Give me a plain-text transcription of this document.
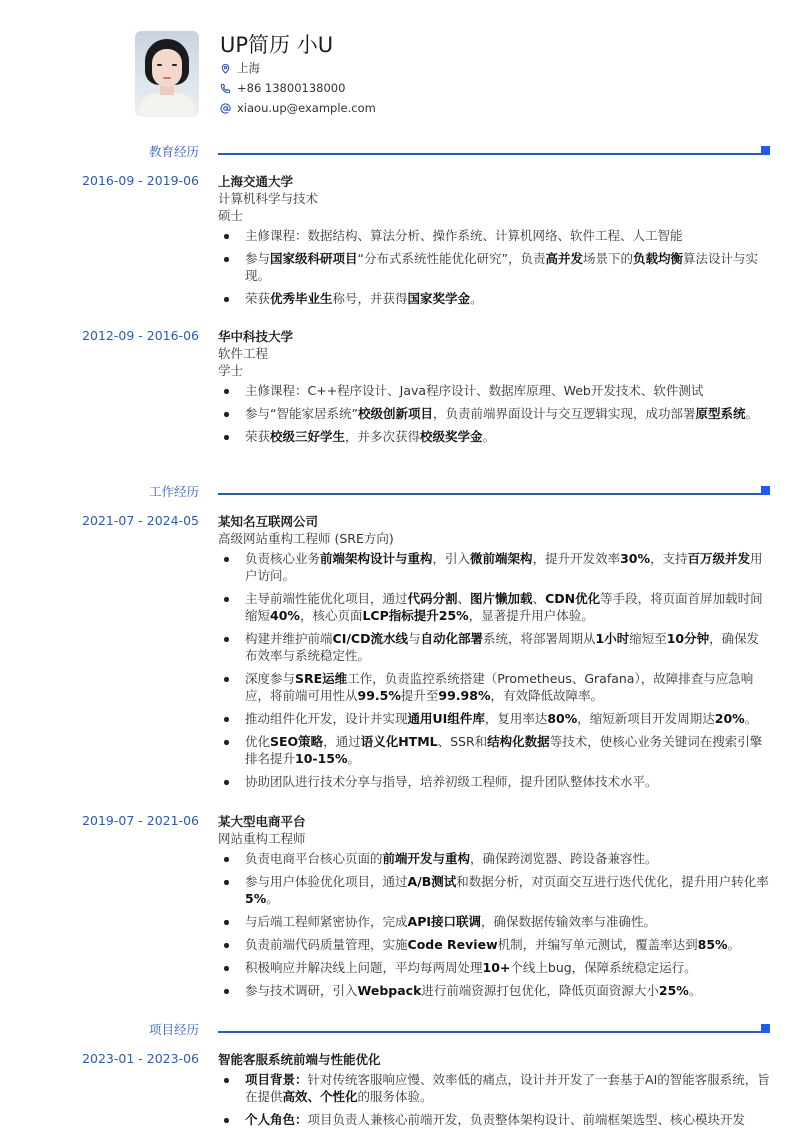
UP简历 小U
上海
+86 13800138000
xiaou.up@example.com
教育经历
2016-09 - 2019-06 上海交通大学
计算机科学与技术
硕士
主修课程：数据结构、算法分析、操作系统、计算机网络、软件工程、人工智能
参与国家级科研项目“分布式系统性能优化研究”，负责高并发场景下的负载均衡算法设计与实现。
荣获优秀毕业生称号，并获得国家奖学金。
2012-09 - 2016-06 华中科技大学
软件工程
学士
主修课程：C++程序设计、Java程序设计、数据库原理、Web开发技术、软件测试
参与“智能家居系统”校级创新项目，负责前端界面设计与交互逻辑实现，成功部署原型系统。
荣获校级三好学生，并多次获得校级奖学金。
工作经历
2021-07 - 2024-05 某知名互联网公司
高级网站重构工程师 (SRE方向)
负责核心业务前端架构设计与重构，引入微前端架构，提升开发效率30%，支持百万级并发用户访问。
主导前端性能优化项目，通过代码分割、图片懒加载、CDN优化等手段，将页面首屏加载时间缩短40%，核心页面LCP指标提升25%，显著提升用户体验。
构建并维护前端CI/CD流水线与自动化部署系统，将部署周期从1小时缩短至10分钟，确保发布效率与系统稳定性。
深度参与SRE运维工作，负责监控系统搭建（Prometheus、Grafana），故障排查与应急响应，将前端可用性从99.5%提升至99.98%，有效降低故障率。
推动组件化开发，设计并实现通用UI组件库，复用率达80%，缩短新项目开发周期达20%。
优化SEO策略，通过语义化HTML、SSR和结构化数据等技术，使核心业务关键词在搜索引擎排名提升10-15%。
协助团队进行技术分享与指导，培养初级工程师，提升团队整体技术水平。
2019-07 - 2021-06 某大型电商平台
网站重构工程师
负责电商平台核心页面的前端开发与重构，确保跨浏览器、跨设备兼容性。
参与用户体验优化项目，通过A/B测试和数据分析，对页面交互进行迭代优化，提升用户转化率5%。
与后端工程师紧密协作，完成API接口联调，确保数据传输效率与准确性。
负责前端代码质量管理，实施Code Review机制，并编写单元测试，覆盖率达到85%。
积极响应并解决线上问题，平均每两周处理10+个线上bug，保障系统稳定运行。
参与技术调研，引入Webpack进行前端资源打包优化，降低页面资源大小25%。
项目经历
2023-01 - 2023-06 智能客服系统前端与性能优化
项目背景：针对传统客服响应慢、效率低的痛点，设计并开发了一套基于AI的智能客服系统，旨在提供高效、个性化的服务体验。
个人角色：项目负责人兼核心前端开发，负责整体架构设计、前端框架选型、核心模块开发
